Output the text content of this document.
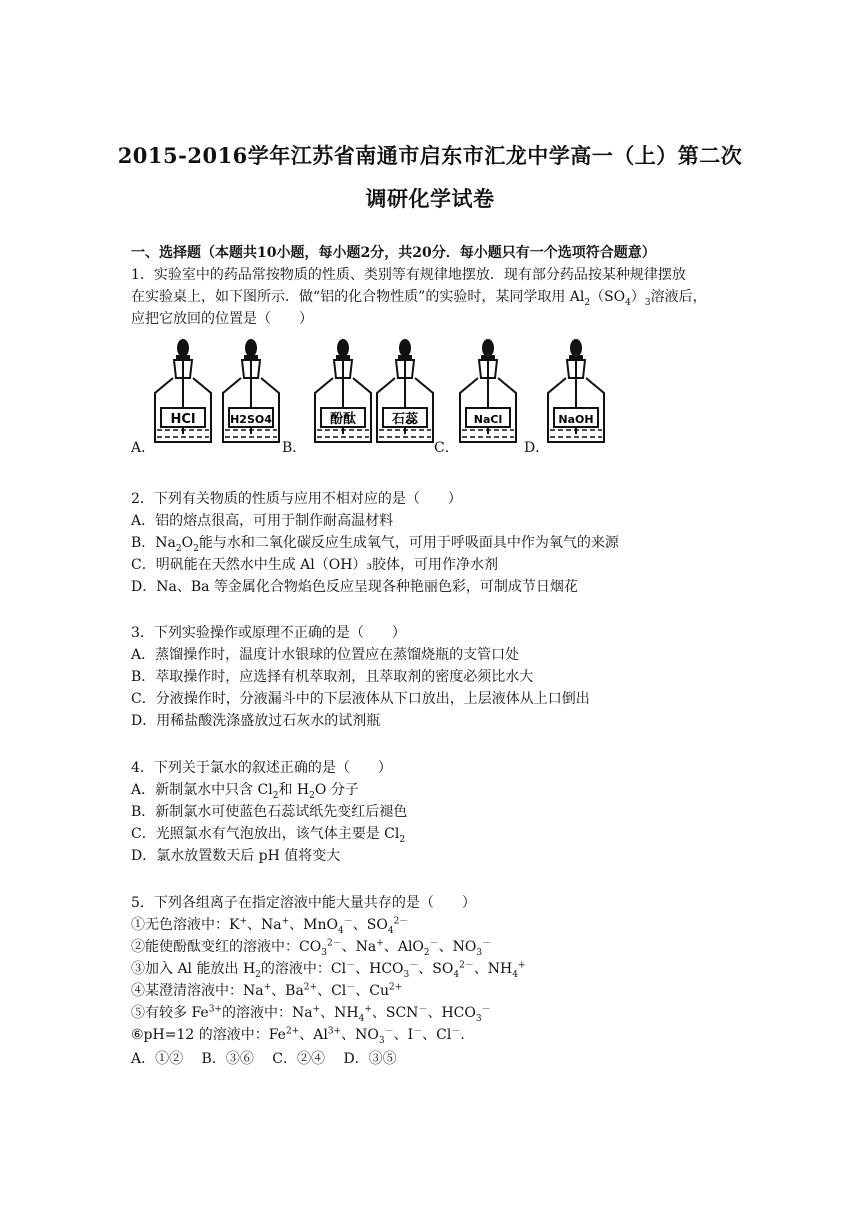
2015-2016学年江苏省南通市启东市汇龙中学高一（上）第二次
调研化学试卷
一、选择题（本题共10小题，每小题2分，共20分．每小题只有一个选项符合题意）
1．实验室中的药品常按物质的性质、类别等有规律地摆放．现有部分药品按某种规律摆放
在实验桌上，如下图所示．做“铝的化合物性质”的实验时，某同学取用 $Al_2(SO_4)_3$溶液后，
应把它放回的位置是（　　）
HCl	H2SO4	酚酞	石蕊	NaCl	NaOH
A．	B．	C．	D．
2．下列有关物质的性质与应用不相对应的是（　　）
A．铝的熔点很高，可用于制作耐高温材料
B．$Na_2O_2$能与水和二氧化碳反应生成氧气，可用于呼吸面具中作为氧气的来源
C．明矾能在天然水中生成 Al（OH）₃胶体，可用作净水剂
D．Na、Ba 等金属化合物焰色反应呈现各种艳丽色彩，可制成节日烟花
3．下列实验操作或原理不正确的是（　　）
A．蒸馏操作时，温度计水银球的位置应在蒸馏烧瓶的支管口处
B．萃取操作时，应选择有机萃取剂，且萃取剂的密度必须比水大
C．分液操作时，分液漏斗中的下层液体从下口放出，上层液体从上口倒出
D．用稀盐酸洗涤盛放过石灰水的试剂瓶
4．下列关于氯水的叙述正确的是（　　）
A．新制氯水中只含 $Cl_2$和 $H_2O$ 分子
B．新制氯水可使蓝色石蕊试纸先变红后褪色
C．光照氯水有气泡放出，该气体主要是 $Cl_2$
D．氯水放置数天后 pH 值将变大
5．下列各组离子在指定溶液中能大量共存的是（　　）
①无色溶液中：K+、Na+、MnO$_4$－、$SO_4^{2-}$
②能使酚酞变红的溶液中：$CO_3^{2-}$、Na+、AlO$_2$－、$NO_3^-$
③加入 Al 能放出 $H_2$的溶液中：Cl－、$HCO_3^-$、$SO_4^{2-}$、$NH_4^+$
④某澄清溶液中：Na+、$Ba^{2+}$、Cl－、$Cu^{2+}$
⑤有较多 $Fe^{3+}$的溶液中：Na+、$NH_4^+$、SCN－、$HCO_3^-$
⑥pH=12 的溶液中：$Fe^{2+}$、$Al^{3+}$、$NO_3^-$、I－、Cl－．
A．①②　 B．③⑥　 C．②④　 D．③⑤
